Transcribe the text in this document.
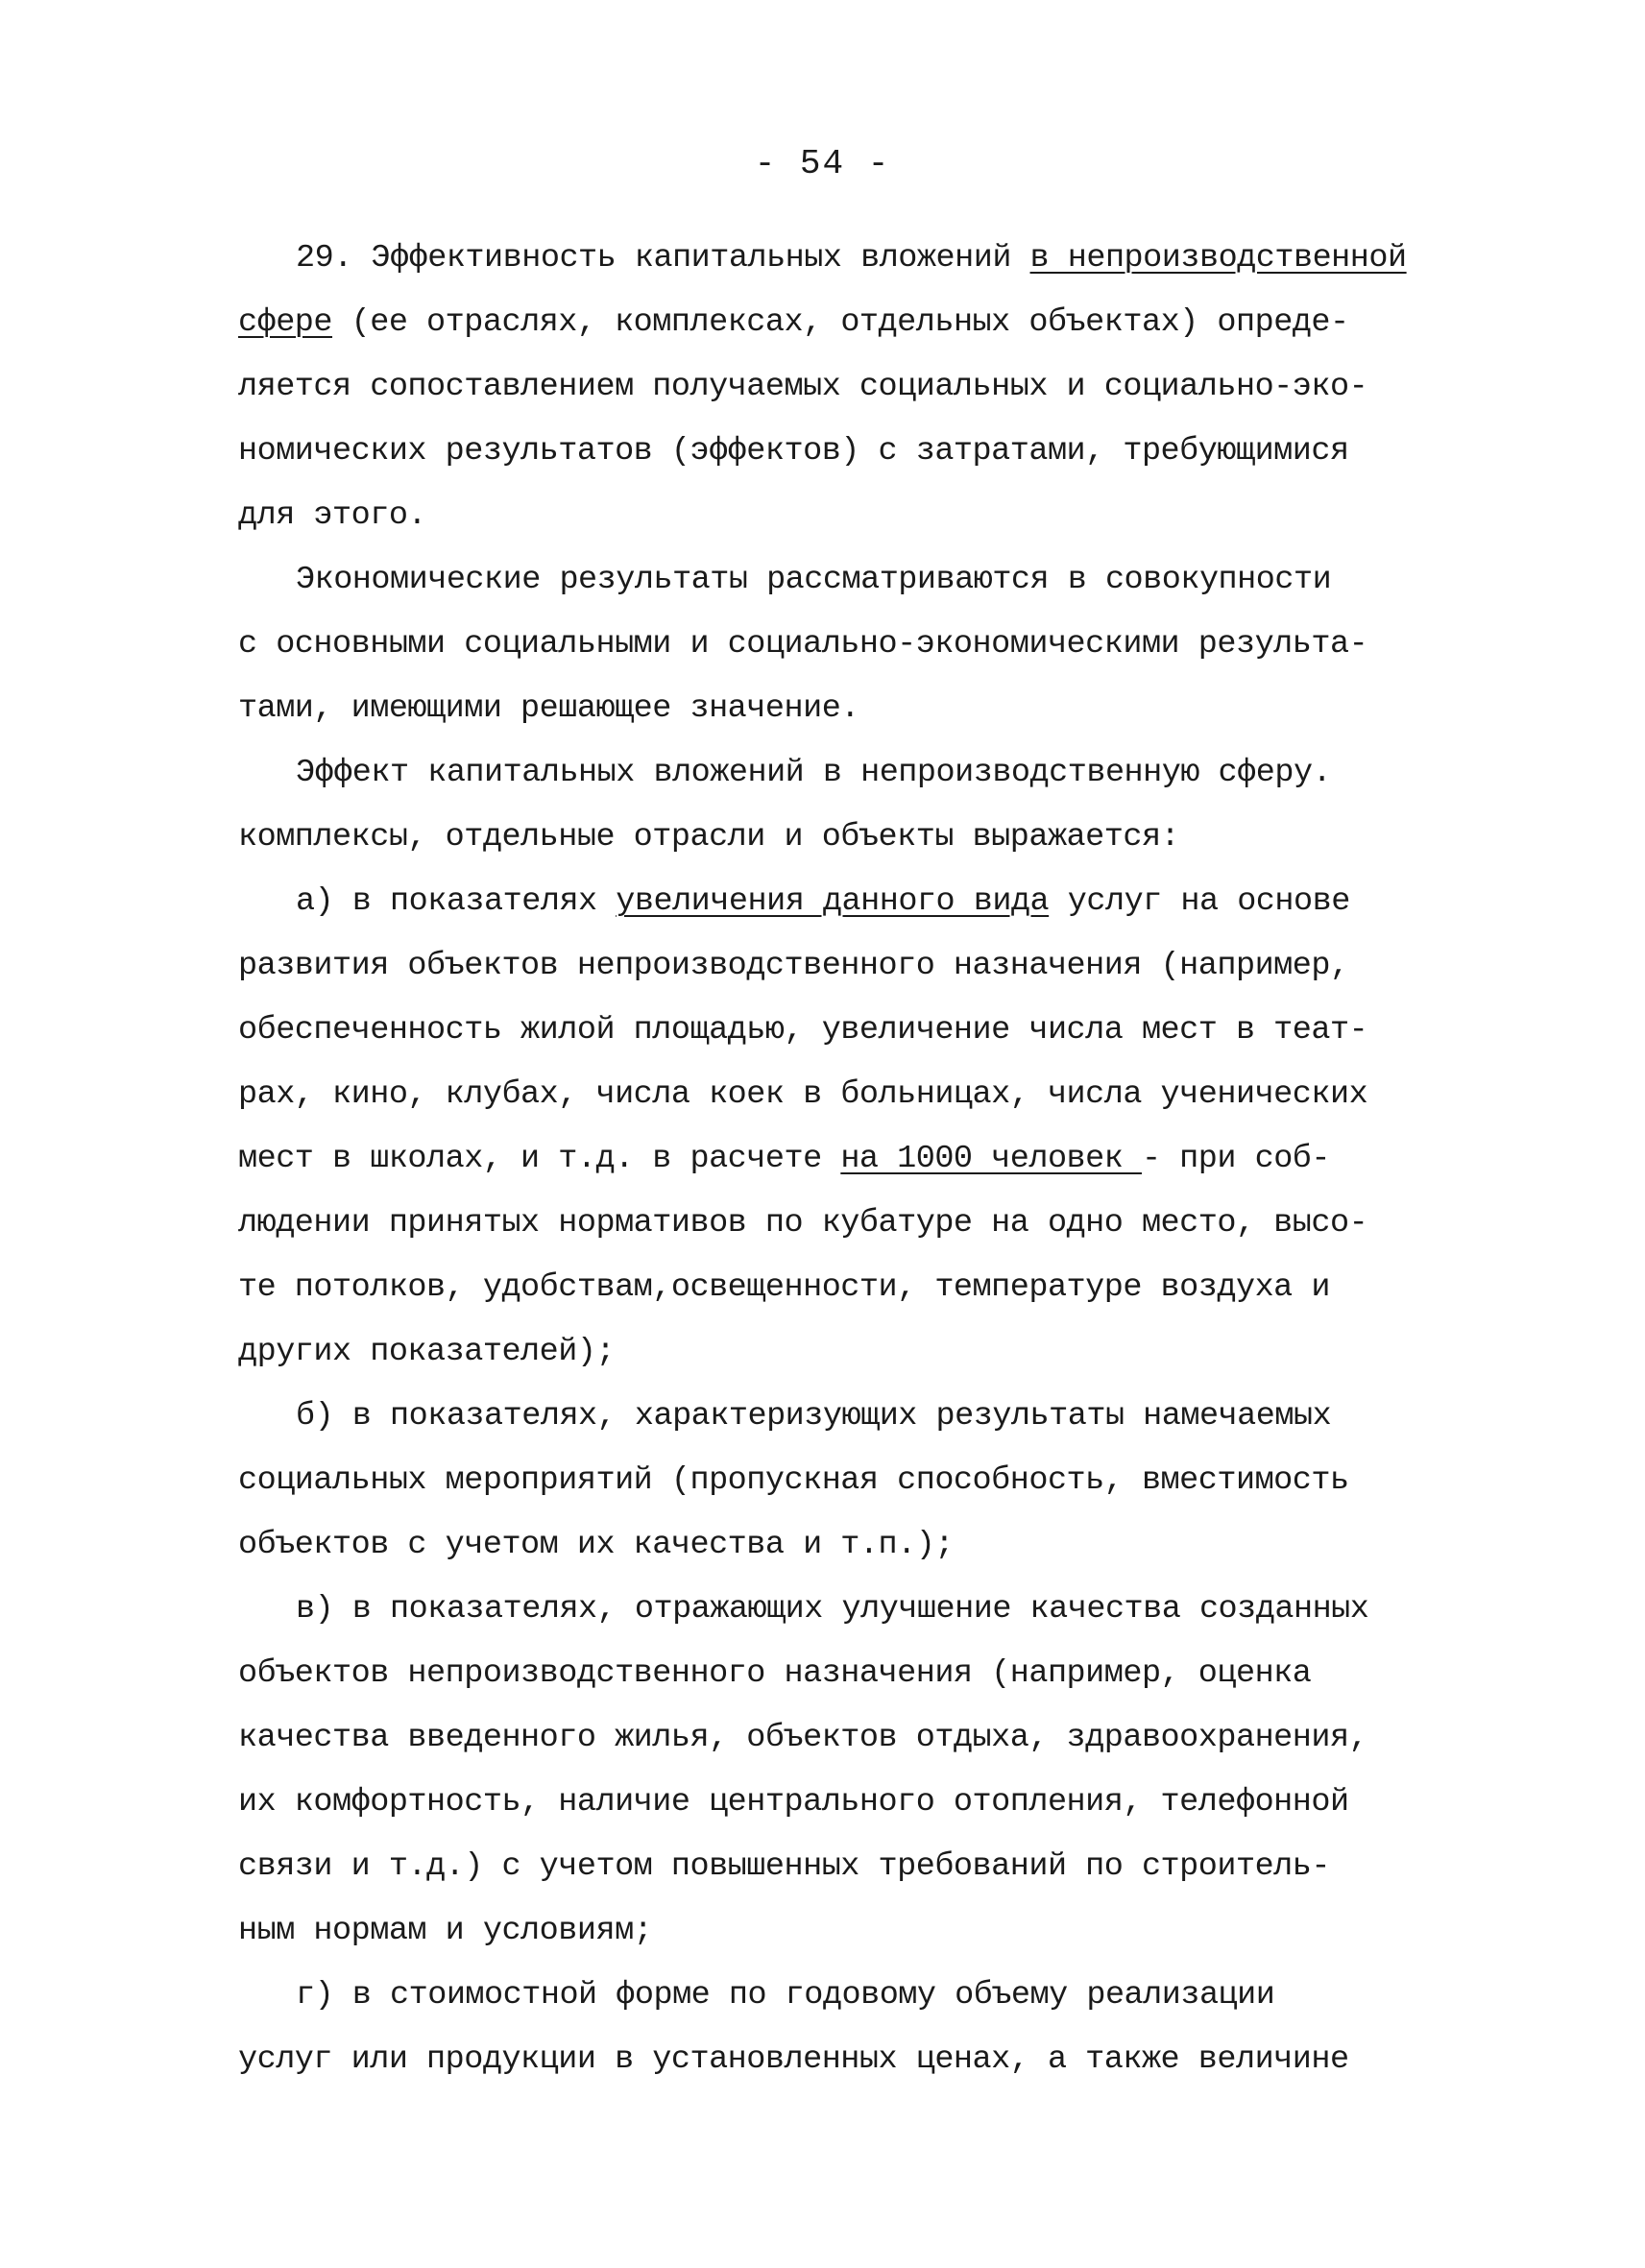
- 54 -
29. Эффективность капитальных вложений в непроизводственной
сфере (ее отраслях, комплексах, отдельных объектах) опреде-
ляется сопоставлением получаемых социальных и социально-эко-
номических результатов (эффектов) с затратами, требующимися
для этого.
Экономические результаты рассматриваются в совокупности
с основными социальными и социально-экономическими результа-
тами, имеющими решающее значение.
Эффект капитальных вложений в непроизводственную сферу.
комплексы, отдельные отрасли и объекты выражается:
а) в показателях увеличения данного вида услуг на основе
развития объектов непроизводственного назначения (например,
обеспеченность жилой площадью, увеличение числа мест в теат-
рах, кино, клубах, числа коек в больницах, числа ученических
мест в школах, и т.д. в расчете на 1000 человек - при соб-
людении принятых нормативов по кубатуре на одно место, высо-
те потолков, удобствам,освещенности, температуре воздуха и
других показателей);
б) в показателях, характеризующих результаты намечаемых
социальных мероприятий (пропускная способность, вместимость
объектов с учетом их качества и т.п.);
в) в показателях, отражающих улучшение качества созданных
объектов непроизводственного назначения (например, оценка
качества введенного жилья, объектов отдыха, здравоохранения,
их комфортность, наличие центрального отопления, телефонной
связи и т.д.) с учетом повышенных требований по строитель-
ным нормам и условиям;
г) в стоимостной форме по годовому объему реализации
услуг или продукции в установленных ценах, а также величине
